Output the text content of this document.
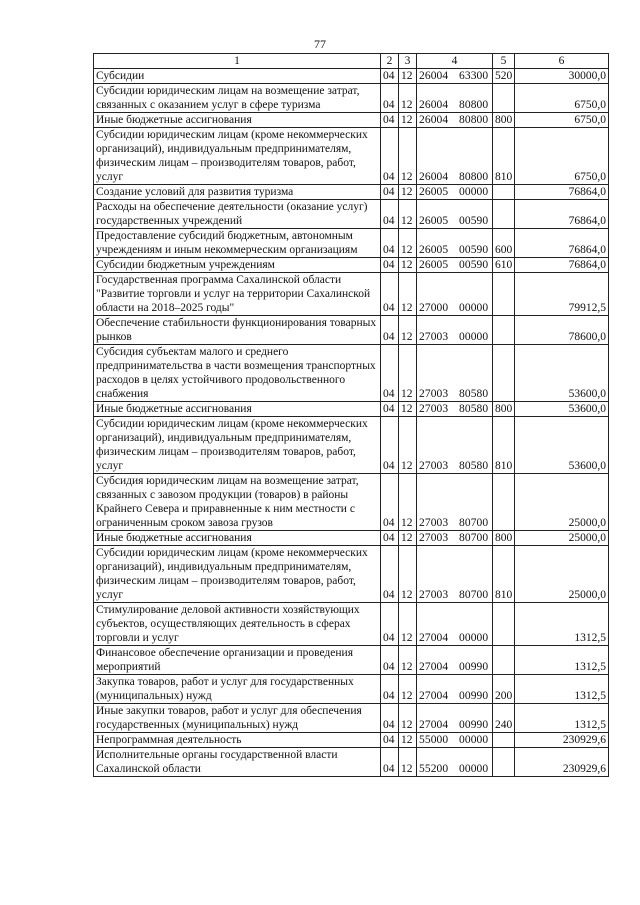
77
1	2	3	4	5	6
Субсидии	04	12	26004 63300	520	30000,0
Субсидии юридическим лицам на возмещение затрат, связанных с оказанием услуг в сфере туризма	04	12	26004 80800		6750,0
Иные бюджетные ассигнования	04	12	26004 80800	800	6750,0
Субсидии юридическим лицам (кроме некоммерческих организаций), индивидуальным предпринимателям, физическим лицам – производителям товаров, работ, услуг	04	12	26004 80800	810	6750,0
Создание условий для развития туризма	04	12	26005 00000		76864,0
Расходы на обеспечение деятельности (оказание услуг) государственных учреждений	04	12	26005 00590		76864,0
Предоставление субсидий бюджетным, автономным учреждениям и иным некоммерческим организациям	04	12	26005 00590	600	76864,0
Субсидии бюджетным учреждениям	04	12	26005 00590	610	76864,0
Государственная программа Сахалинской области "Развитие торговли и услуг на территории Сахалинской области на 2018–2025 годы"	04	12	27000 00000		79912,5
Обеспечение стабильности функционирования товарных рынков	04	12	27003 00000		78600,0
Субсидия субъектам малого и среднего предпринимательства в части возмещения транспортных расходов в целях устойчивого продовольственного снабжения	04	12	27003 80580		53600,0
Иные бюджетные ассигнования	04	12	27003 80580	800	53600,0
Субсидии юридическим лицам (кроме некоммерческих организаций), индивидуальным предпринимателям, физическим лицам – производителям товаров, работ, услуг	04	12	27003 80580	810	53600,0
Субсидия юридическим лицам на возмещение затрат, связанных с завозом продукции (товаров) в районы Крайнего Севера и приравненные к ним местности с ограниченным сроком завоза грузов	04	12	27003 80700		25000,0
Иные бюджетные ассигнования	04	12	27003 80700	800	25000,0
Субсидии юридическим лицам (кроме некоммерческих организаций), индивидуальным предпринимателям, физическим лицам – производителям товаров, работ, услуг	04	12	27003 80700	810	25000,0
Стимулирование деловой активности хозяйствующих субъектов, осуществляющих деятельность в сферах торговли и услуг	04	12	27004 00000		1312,5
Финансовое обеспечение организации и проведения мероприятий	04	12	27004 00990		1312,5
Закупка товаров, работ и услуг для государственных (муниципальных) нужд	04	12	27004 00990	200	1312,5
Иные закупки товаров, работ и услуг для обеспечения государственных (муниципальных) нужд	04	12	27004 00990	240	1312,5
Непрограммная деятельность	04	12	55000 00000		230929,6
Исполнительные органы государственной власти Сахалинской области	04	12	55200 00000		230929,6
